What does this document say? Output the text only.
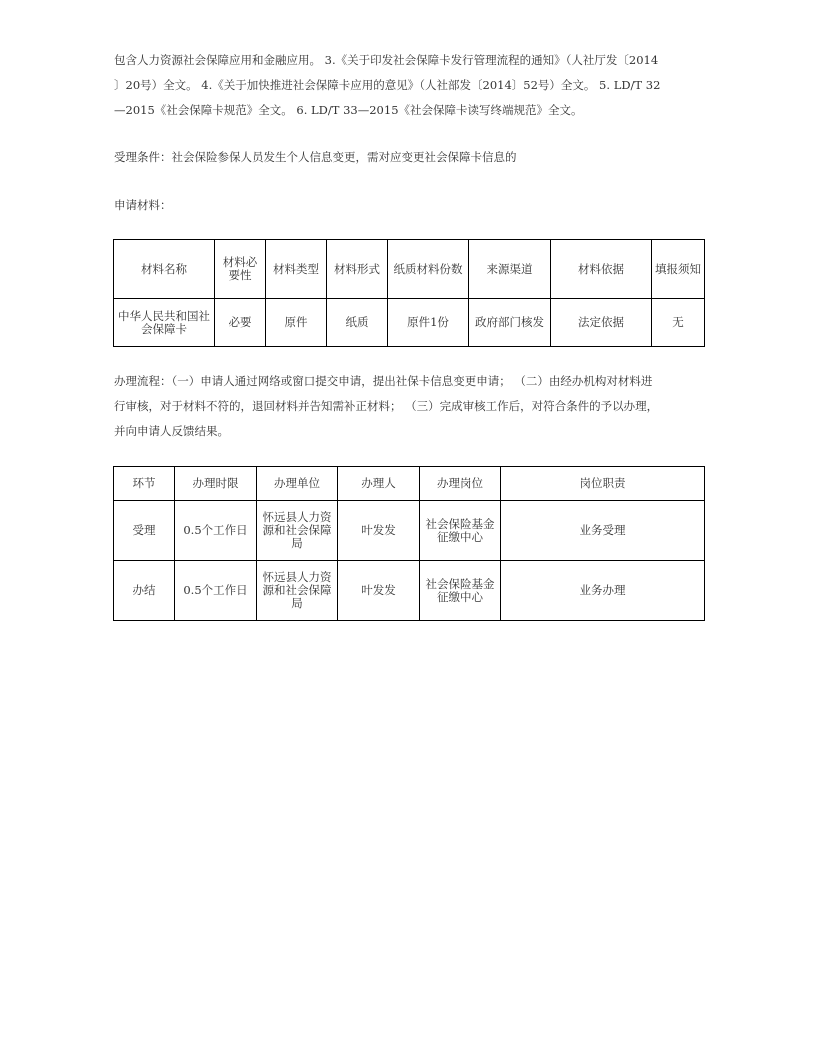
包含人力资源社会保障应用和金融应用。 3.《关于印发社会保障卡发行管理流程的通知》（人社厅发〔2014
〕20号）全文。 4.《关于加快推进社会保障卡应用的意见》（人社部发〔2014〕52号）全文。 5. LD/T 32
—2015《社会保障卡规范》全文。 6. LD/T 33—2015《社会保障卡读写终端规范》全文。

受理条件：社会保险参保人员发生个人信息变更，需对应变更社会保障卡信息的

申请材料：

材料名称	材料必要性	材料类型	材料形式	纸质材料份数	来源渠道	材料依据	填报须知
中华人民共和国社会保障卡	必要	原件	纸质	原件1份	政府部门核发	法定依据	无

办理流程：（一）申请人通过网络或窗口提交申请，提出社保卡信息变更申请； （二）由经办机构对材料进
行审核，对于材料不符的，退回材料并告知需补正材料； （三）完成审核工作后，对符合条件的予以办理，
并向申请人反馈结果。

环节	办理时限	办理单位	办理人	办理岗位	岗位职责
受理	0.5个工作日	怀远县人力资源和社会保障局	叶发发	社会保险基金征缴中心	业务受理
办结	0.5个工作日	怀远县人力资源和社会保障局	叶发发	社会保险基金征缴中心	业务办理
